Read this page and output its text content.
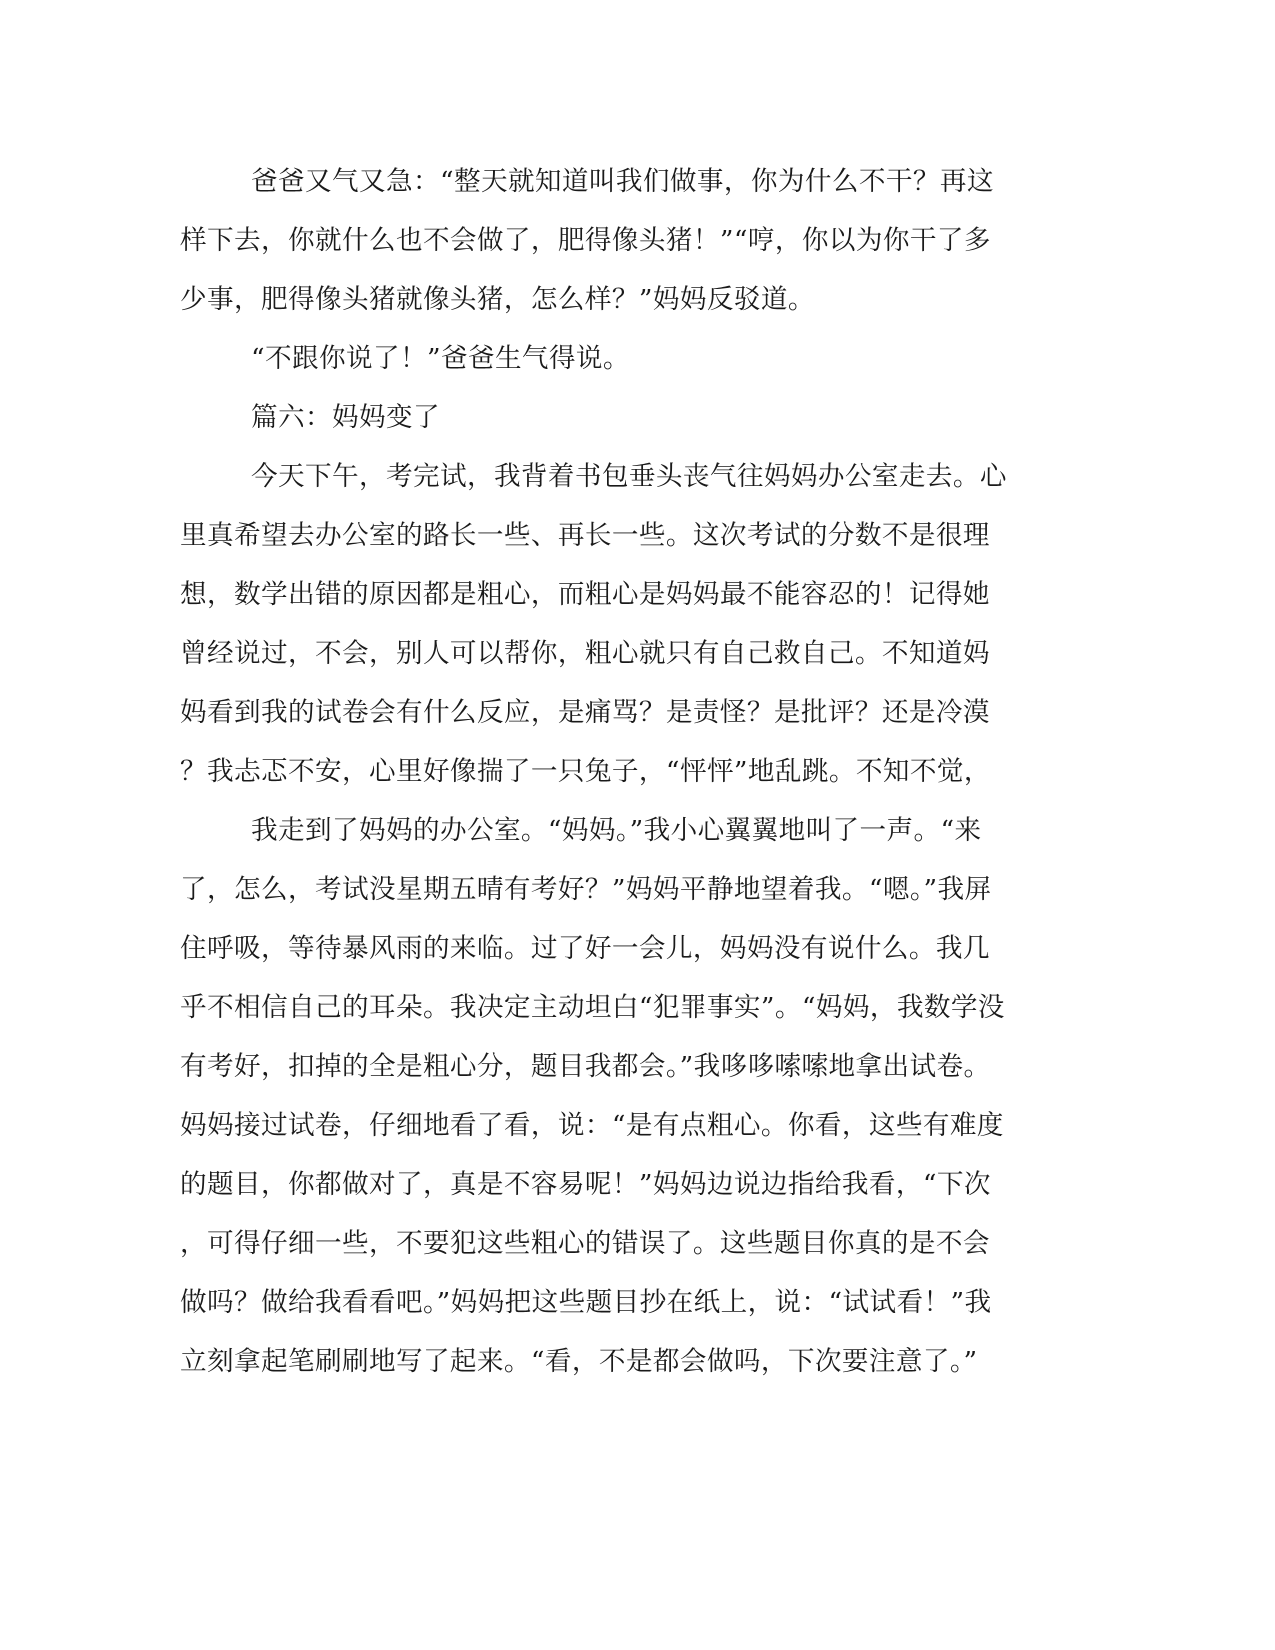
爸爸又气又急：“整天就知道叫我们做事，你为什么不干？再这
样下去，你就什么也不会做了，肥得像头猪！”“哼，你以为你干了多
少事，肥得像头猪就像头猪，怎么样？”妈妈反驳道。

“不跟你说了！”爸爸生气得说。

篇六：妈妈变了

今天下午，考完试，我背着书包垂头丧气往妈妈办公室走去。心
里真希望去办公室的路长一些、再长一些。这次考试的分数不是很理
想，数学出错的原因都是粗心，而粗心是妈妈最不能容忍的！记得她
曾经说过，不会，别人可以帮你，粗心就只有自己救自己。不知道妈
妈看到我的试卷会有什么反应，是痛骂？是责怪？是批评？还是冷漠
？我忐忑不安，心里好像揣了一只兔子，“怦怦”地乱跳。不知不觉，

我走到了妈妈的办公室。“妈妈。”我小心翼翼地叫了一声。“来
了，怎么，考试没星期五晴有考好？”妈妈平静地望着我。“嗯。”我屏
住呼吸，等待暴风雨的来临。过了好一会儿，妈妈没有说什么。我几
乎不相信自己的耳朵。我决定主动坦白“犯罪事实”。“妈妈，我数学没
有考好，扣掉的全是粗心分，题目我都会。”我哆哆嗦嗦地拿出试卷。
妈妈接过试卷，仔细地看了看，说：“是有点粗心。你看，这些有难度
的题目，你都做对了，真是不容易呢！”妈妈边说边指给我看，“下次
，可得仔细一些，不要犯这些粗心的错误了。这些题目你真的是不会
做吗？做给我看看吧。”妈妈把这些题目抄在纸上，说：“试试看！”我
立刻拿起笔刷刷地写了起来。“看，不是都会做吗，下次要注意了。”
